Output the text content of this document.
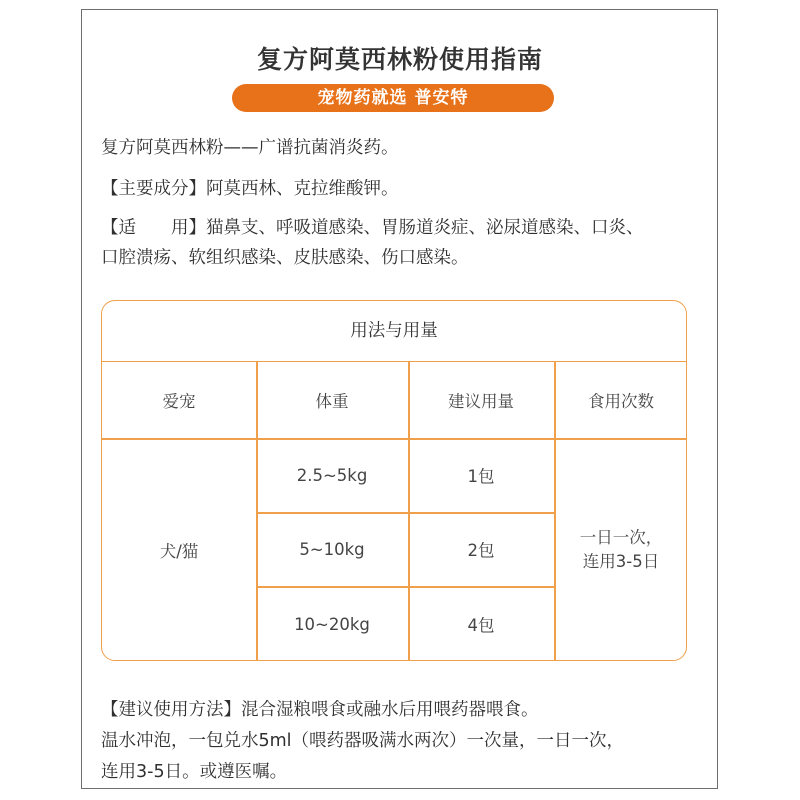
复方阿莫西林粉使用指南
宠物药就选 普安特
复方阿莫西林粉——广谱抗菌消炎药。
【主要成分】阿莫西林、克拉维酸钾。
【适　　用】猫鼻支、呼吸道感染、胃肠道炎症、泌尿道感染、口炎、
口腔溃疡、软组织感染、皮肤感染、伤口感染。
用法与用量
爱宠	体重	建议用量	食用次数
犬/猫
2.5~5kg	1包
5~10kg	2包
10~20kg	4包
一日一次，
连用3-5日
【建议使用方法】混合湿粮喂食或融水后用喂药器喂食。
温水冲泡，一包兑水5ml（喂药器吸满水两次）一次量，一日一次，
连用3-5日。或遵医嘱。
